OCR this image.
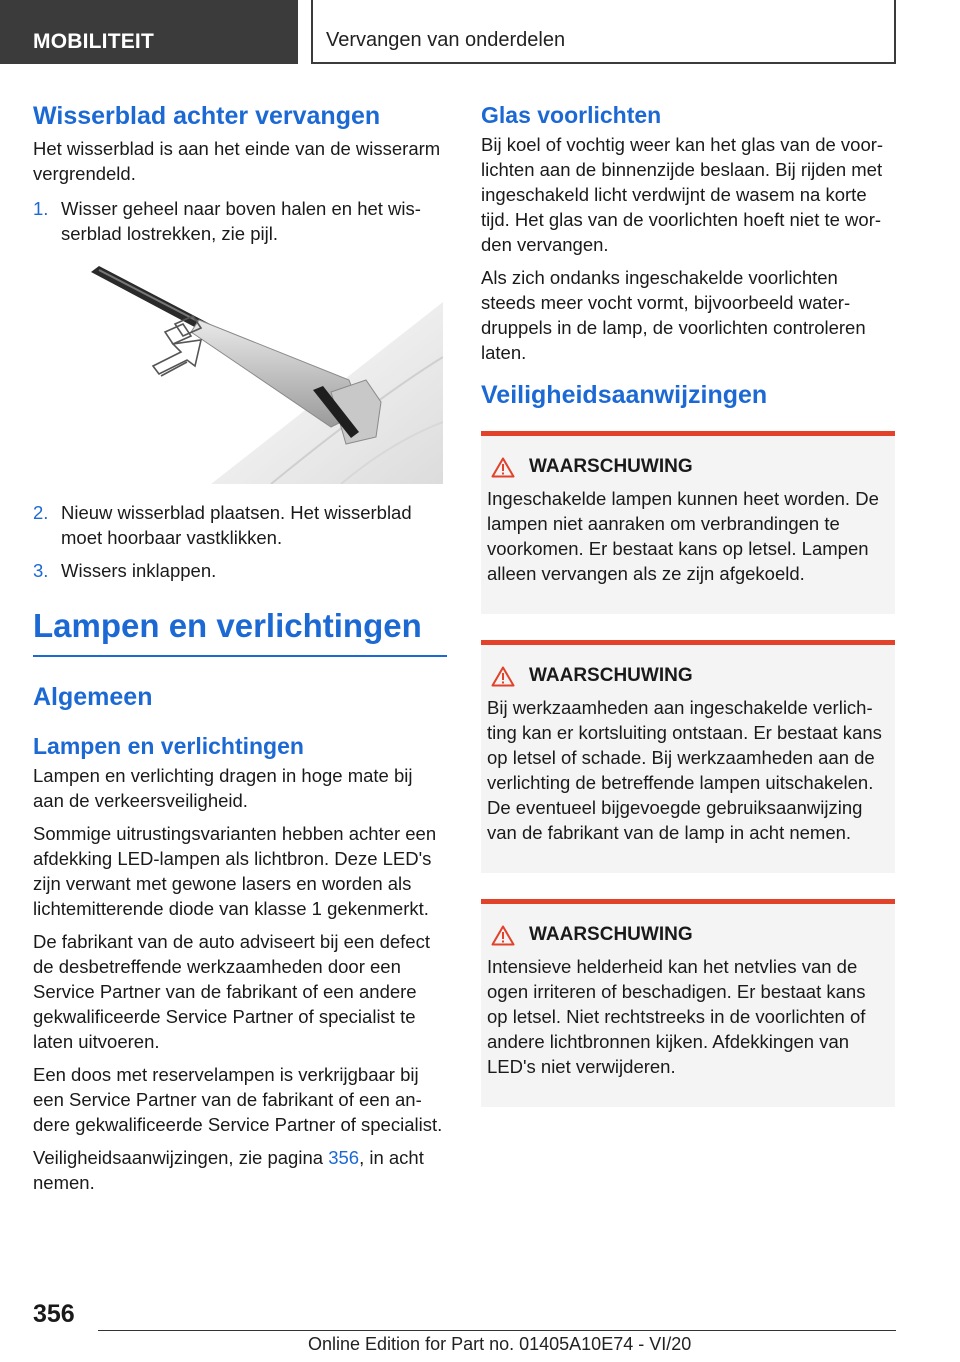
MOBILITEIT	Vervangen van onderdelen
Wisserblad achter vervangen

Het wisserblad is aan het einde van de wisserarm vergrendeld.

1. Wisser geheel naar boven halen en het wisserblad lostrekken, zie pijl.
2. Nieuw wisserblad plaatsen. Het wisserblad moet hoorbaar vastklikken.
3. Wissers inklappen.
Lampen en verlichtingen
Algemeen
Lampen en verlichtingen

Lampen en verlichting dragen in hoge mate bij aan de verkeersveiligheid.

Sommige uitrustingsvarianten hebben achter een afdekking LED-lampen als lichtbron. Deze LED's zijn verwant met gewone lasers en worden als lichtemitterende diode van klasse 1 gekenmerkt.

De fabrikant van de auto adviseert bij een defect de desbetreffende werkzaamheden door een Service Partner van de fabrikant of een andere gekwalificeerde Service Partner of specialist te laten uitvoeren.

Een doos met reservelampen is verkrijgbaar bij een Service Partner van de fabrikant of een andere gekwalificeerde Service Partner of specialist.

Veiligheidsaanwijzingen, zie pagina 356, in acht nemen.

Glas voorlichten

Bij koel of vochtig weer kan het glas van de voorlichten aan de binnenzijde beslaan. Bij rijden met ingeschakeld licht verdwijnt de wasem na korte tijd. Het glas van de voorlichten hoeft niet te worden vervangen.

Als zich ondanks ingeschakelde voorlichten steeds meer vocht vormt, bijvoorbeeld waterdruppels in de lamp, de voorlichten controleren laten.

Veiligheidsaanwijzingen
WAARSCHUWING
Ingeschakelde lampen kunnen heet worden. De lampen niet aanraken om verbrandingen te voorkomen. Er bestaat kans op letsel. Lampen alleen vervangen als ze zijn afgekoeld.
WAARSCHUWING
Bij werkzaamheden aan ingeschakelde verlichting kan er kortsluiting ontstaan. Er bestaat kans op letsel of schade. Bij werkzaamheden aan de verlichting de betreffende lampen uitschakelen. De eventueel bijgevoegde gebruiksaanwijzing van de fabrikant van de lamp in acht nemen.
WAARSCHUWING
Intensieve helderheid kan het netvlies van de ogen irriteren of beschadigen. Er bestaat kans op letsel. Niet rechtstreeks in de voorlichten of andere lichtbronnen kijken. Afdekkingen van LED's niet verwijderen.
356
Online Edition for Part no. 01405A10E74 - VI/20
